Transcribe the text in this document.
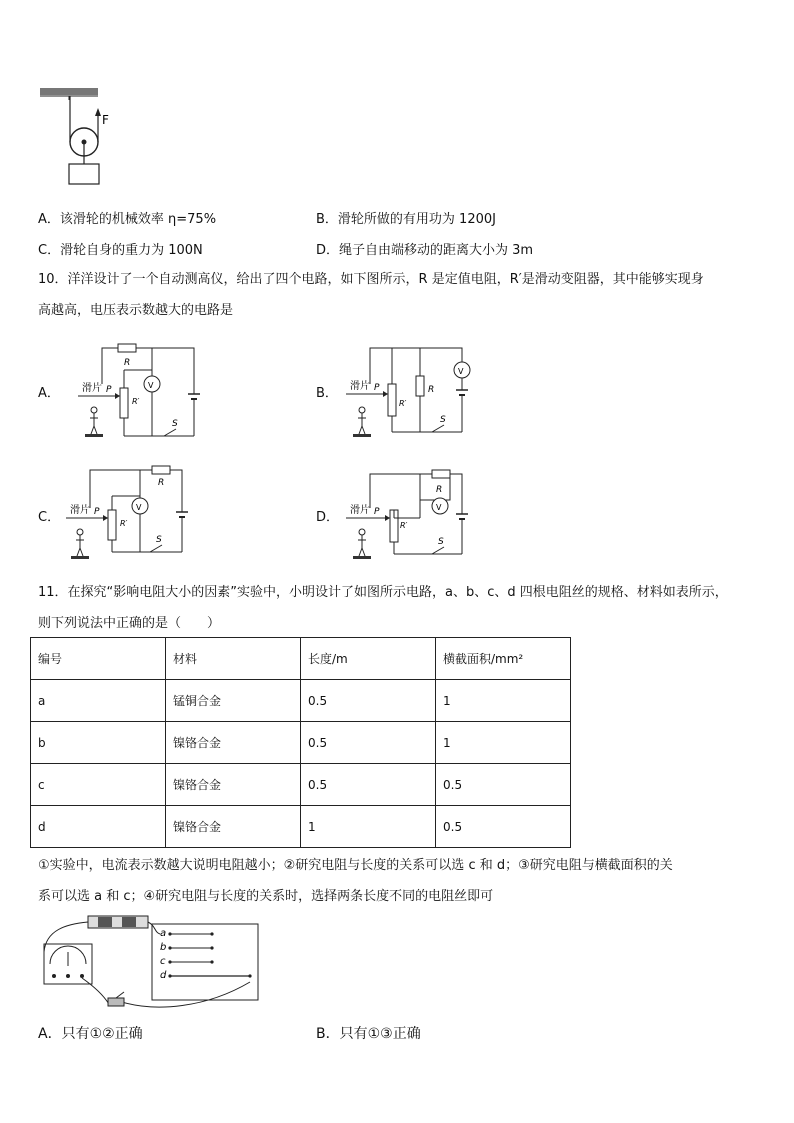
F
A．该滑轮的机械效率 η=75%	B．滑轮所做的有用功为 1200J
C．滑轮自身的重力为 100N	D．绳子自由端移动的距离大小为 3m
10．洋洋设计了一个自动测高仪，给出了四个电路，如下图所示，R 是定值电阻，R′是滑动变阻器，其中能够实现身
高越高，电压表示数越大的电路是
A．
R
V
S
R′
滑片 P	B．
V
R
S
R′
滑片 P
C．
R
V
S
R′
滑片 P	D．
R
V
S
R′
滑片 P
11．在探究“影响电阻大小的因素”实验中，小明设计了如图所示电路，a、b、c、d 四根电阻丝的规格、材料如表所示，
则下列说法中正确的是（　　）
编号	材料	长度/m	横截面积/mm²
a	锰铜合金	0.5	1
b	镍铬合金	0.5	1
c	镍铬合金	0.5	0.5
d	镍铬合金	1	0.5
①实验中，电流表示数越大说明电阻越小；②研究电阻与长度的关系可以选 c 和 d；③研究电阻与横截面积的关
系可以选 a 和 c；④研究电阻与长度的关系时，选择两条长度不同的电阻丝即可
a
b
c
d
A．只有①②正确	B．只有①③正确
